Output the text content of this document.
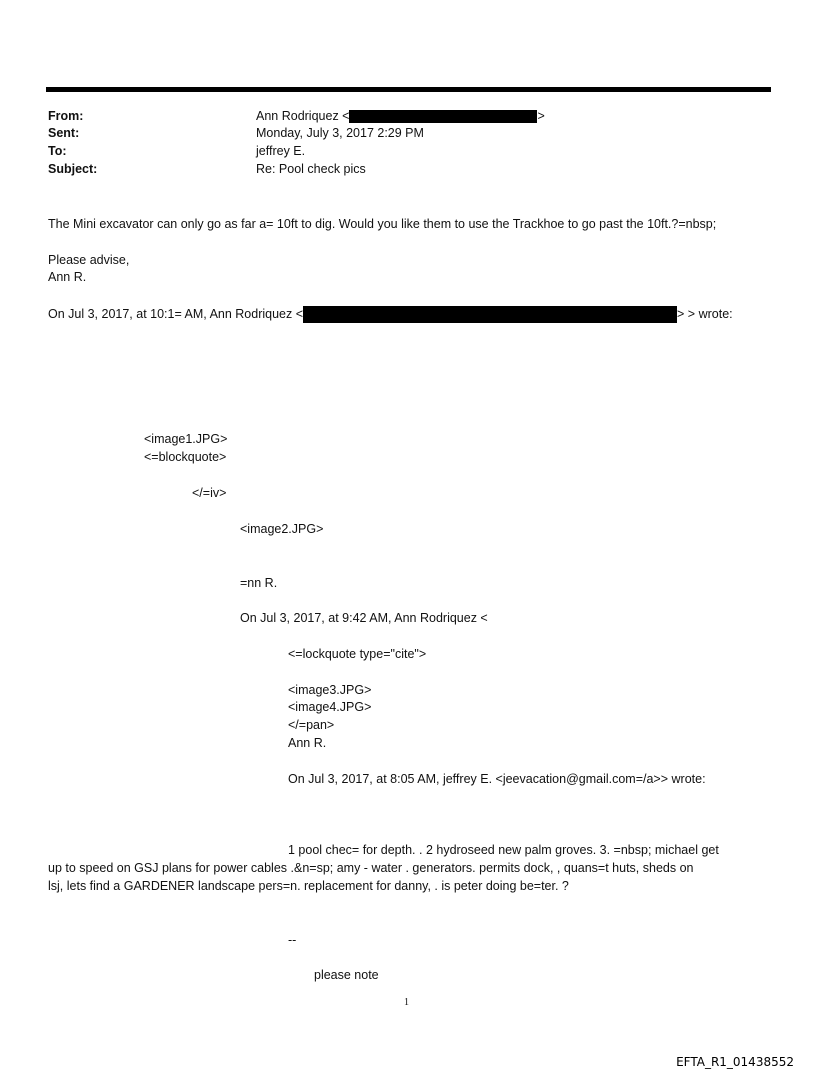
From:	Ann Rodriquez <	>
Sent:	Monday, July 3, 2017 2:29 PM
To:	jeffrey E.
Subject:	Re: Pool check pics
The Mini excavator can only go as far a= 10ft to dig. Would you like them to use the Trackhoe to go past the 10ft.?=nbsp;
Please advise,
Ann R.
On Jul 3, 2017, at 10:1= AM, Ann Rodriquez <	> > wrote:
<image1.JPG>
<=blockquote>
</=iv>
<image2.JPG>
=nn R.
On Jul 3, 2017, at 9:42 AM, Ann Rodriquez <
<=lockquote type="cite">
<image3.JPG>
<image4.JPG>
</=pan>
Ann R.
On Jul 3, 2017, at 8:05 AM, jeffrey E. <jeevacation@gmail.com=/a>> wrote:
1 pool chec= for depth. . 2 hydroseed new palm groves. 3. =nbsp; michael get
up to speed on GSJ plans for power cables .&n=sp; amy - water . generators. permits dock, , quans=t huts, sheds on
lsj, lets find a GARDENER landscape pers=n. replacement for danny, . is peter doing be=ter. ?
--
please note
1
EFTA_R1_01438552
